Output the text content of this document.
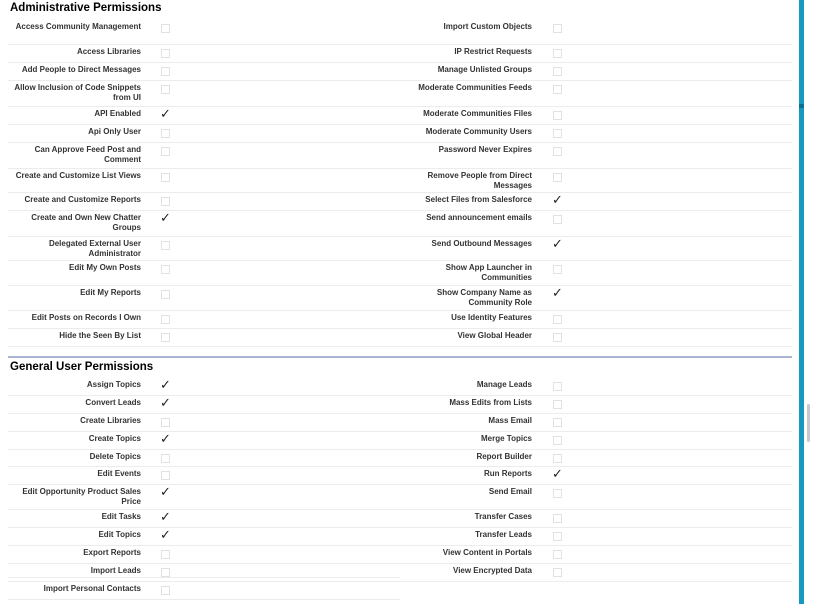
Administrative Permissions
Access Community Management
Access Libraries
Add People to Direct Messages
Allow Inclusion of Code Snippets from UI
API Enabled ✓
Api Only User
Can Approve Feed Post and Comment
Create and Customize List Views
Create and Customize Reports
Create and Own New Chatter Groups
✓
Delegated External User Administrator
Edit My Own Posts
Edit My Reports
Edit Posts on Records I Own
Hide the Seen By List
Import Custom Objects
IP Restrict Requests
Manage Unlisted Groups
Moderate Communities Feeds
Moderate Communities Files
Moderate Community Users
Password Never Expires
Remove People from Direct Messages
Select Files from Salesforce ✓
Send announcement emails
Send Outbound Messages ✓
Show App Launcher in Communities
Show Company Name as Community Role
✓
Use Identity Features
View Global Header
Assign Topics ✓
Convert Leads ✓
Create Libraries
Create Topics ✓
Delete Topics
Edit Events
Edit Opportunity Product Sales Price
✓
Edit Tasks ✓
Edit Topics ✓
Export Reports
Import Leads
Import Personal Contacts
Manage Leads
Mass Edits from Lists
Mass Email
Merge Topics
Report Builder
Run Reports ✓
Send Email
Transfer Cases
Transfer Leads
View Content in Portals
View Encrypted Data
General User Permissions
